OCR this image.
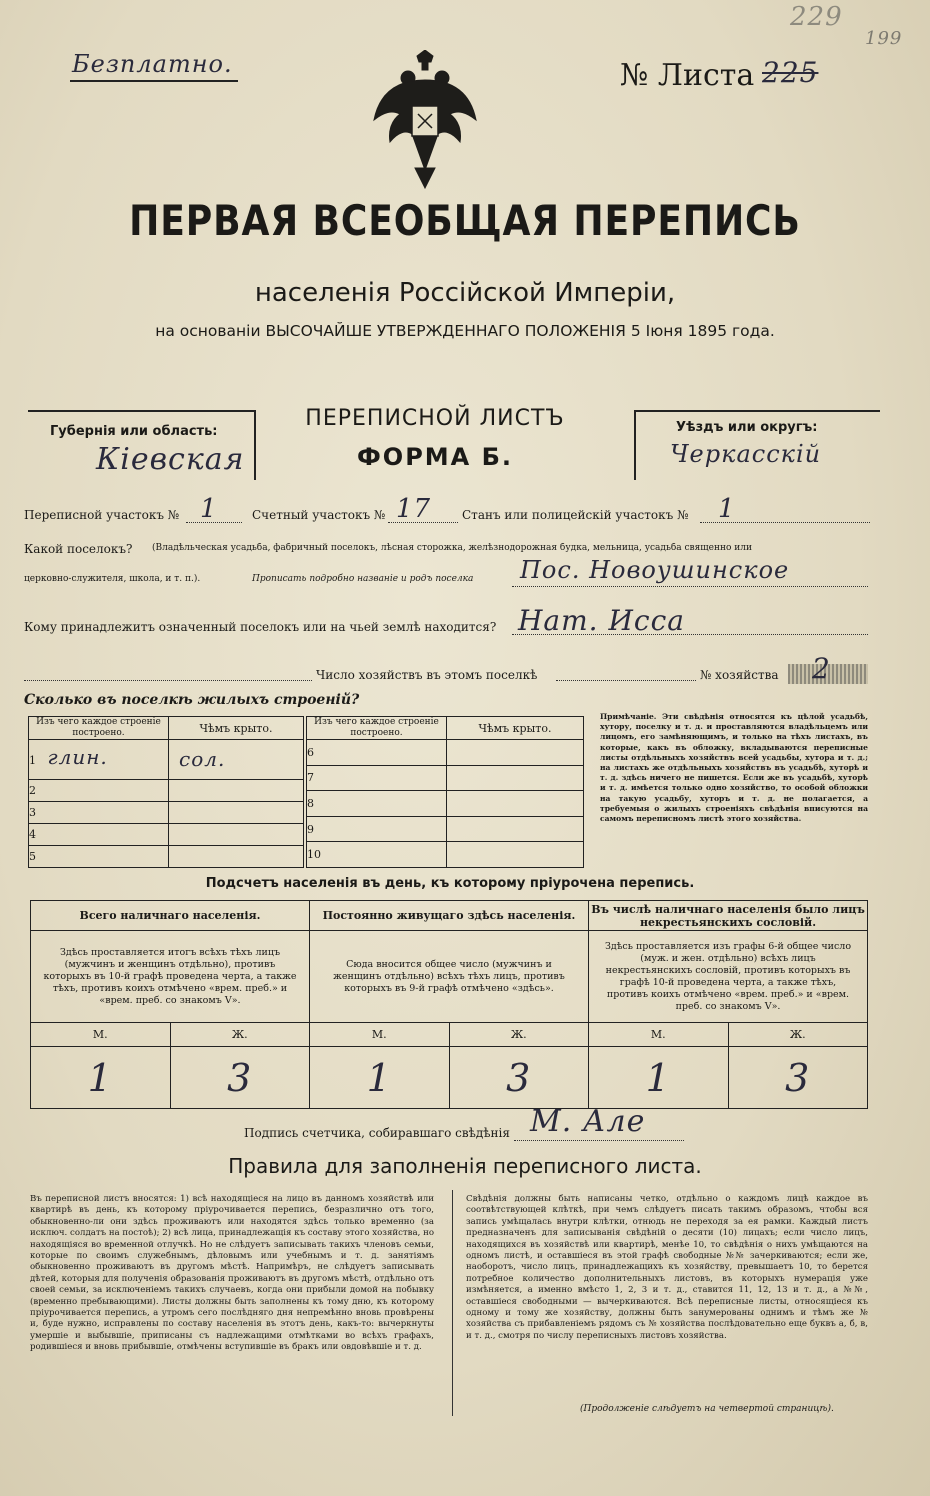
Безплатно.
229
199
№ Листа 225
ПЕРВАЯ ВСЕОБЩАЯ ПЕРЕПИСЬ
населенія Россійской Имперіи,
на основаніи ВЫСОЧАЙШЕ УТВЕРЖДЕННАГО ПОЛОЖЕНІЯ 5 Іюня 1895 года.
Губернія или область:
Кiевская
ПЕРЕПИСНОЙ ЛИСТЪ
ФОРМА Б.
Уѣздъ или округъ:
Черкасскій
Переписной участокъ № 1	Счетный участокъ № 17	Станъ или полицейскій участокъ № 1
Какой поселокъ? (Владѣльческая усадьба, фабричный поселокъ, лѣсная сторожка, желѣзнодорожная будка, мельница, усадьба священно или
церковно-служителя, школа, и т. п.).	Прописать подробно названіе и родъ поселка Пос. Новоушинское
Кому принадлежитъ означенный поселокъ или на чьей землѣ находится? Нат. Исса
Число хозяйствъ въ этомъ поселкѣ	№ хозяйства 2
Сколько въ поселкѣ жилыхъ строеній?
Изъ чего каждое строеніе построено.	Чѣмъ крыто.
1 глин.	сол.
2	
3	
4	
5	
Изъ чего каждое строеніе построено.	Чѣмъ крыто.
6	
7	
8	
9	
10	
Примѣчаніе. Эти свѣдѣнія относятся къ цѣлой усадьбѣ, хутору, поселку и т. д. и проставляются владѣльцемъ или лицомъ, его замѣняющимъ, и только на тѣхъ листахъ, въ которые, какъ въ обложку, вкладываются переписные листы отдѣльныхъ хозяйствъ всей усадьбы, хутора и т. д.; на листахъ же отдѣльныхъ хозяйствъ въ усадьбѣ, хуторѣ и т. д. здѣсь ничего не пишется. Если же въ усадьбѣ, хуторѣ и т. д. имѣется только одно хозяйство, то особой обложки на такую усадьбу, хуторъ и т. д. не полагается, а требуемыя о жилыхъ строеніяхъ свѣдѣнія вписуются на самомъ переписномъ листѣ этого хозяйства.
Подсчетъ населенія въ день, къ которому пріурочена перепись.
Всего наличнаго населенія.		Постоянно живущаго здѣсь населенія.		Въ числѣ наличнаго населенія было лицъ некрестьянскихъ сословій.	
Здѣсь проставляется итогъ всѣхъ тѣхъ лицъ (мужчинъ и женщинъ отдѣльно), противъ которыхъ въ 10-й графѣ проведена черта, а также тѣхъ, противъ коихъ отмѣчено «врем. преб.» и «врем. преб. со знакомъ V».		Сюда вносится общее число (мужчинъ и женщинъ отдѣльно) всѣхъ тѣхъ лицъ, противъ которыхъ въ 9-й графѣ отмѣчено «здѣсь».		Здѣсь проставляется изъ графы 6-й общее число (муж. и жен. отдѣльно) всѣхъ лицъ некрестьянскихъ сословій, противъ которыхъ въ графѣ 10-й проведена черта, а также тѣхъ, противъ коихъ отмѣчено «врем. преб.» и «врем. преб. со знакомъ V».	
М.	Ж.	М.	Ж.	М.	Ж.
1	3	1	3	1	3
Подпись счетчика, собиравшаго свѣдѣнія М. Але
Правила для заполненія переписного листа.
Въ переписной листъ вносятся: 1) всѣ находящіеся на лицо въ данномъ хозяйствѣ или квартирѣ въ день, къ которому пріурочивается перепись, безразлично отъ того, обыкновенно-ли они здѣсь проживаютъ или находятся здѣсь только временно (за исключ. солдатъ на постоѣ); 2) всѣ лица, принадлежащія къ составу этого хозяйства, но находящіяся во временной отлучкѣ. Но не слѣдуетъ записывать такихъ членовъ семьи, которые по своимъ служебнымъ, дѣловымъ или учебнымъ и т. д. занятіямъ обыкновенно проживаютъ въ другомъ мѣстѣ. Напримѣръ, не слѣдуетъ записывать дѣтей, которыя для полученія образованія проживаютъ въ другомъ мѣстѣ, отдѣльно отъ своей семьи, за исключеніемъ такихъ случаевъ, когда они прибыли домой на побывку (временно пребывающими). Листы должны быть заполнены къ тому дню, къ которому пріурочивается перепись, а утромъ сего послѣдняго дня непремѣнно вновь провѣрены и, буде нужно, исправлены по составу населенія въ этотъ день, какъ-то: вычеркнуты умершіе и выбывшіе, приписаны съ надлежащими отмѣтками во всѣхъ графахъ, родившіеся и вновь прибывшіе, отмѣчены вступившіе въ бракъ или овдовѣвшіе и т. д.
Свѣдѣнія должны быть написаны четко, отдѣльно о каждомъ лицѣ каждое въ соотвѣтствующей клѣткѣ, при чемъ слѣдуетъ писать такимъ образомъ, чтобы вся запись умѣщалась внутри клѣтки, отнюдь не переходя за ея рамки. Каждый листъ предназначенъ для записыванія свѣдѣній о десяти (10) лицахъ; если число лицъ, находящихся въ хозяйствѣ или квартирѣ, менѣе 10, то свѣдѣнія о нихъ умѣщаются на одномъ листѣ, и оставшіеся въ этой графѣ свободные №№ зачеркиваются; если же, наоборотъ, число лицъ, принадлежащихъ къ хозяйству, превышаетъ 10, то берется потребное количество дополнительныхъ листовъ, въ которыхъ нумерація уже измѣняется, а именно вмѣсто 1, 2, 3 и т. д., ставится 11, 12, 13 и т. д., а №№, оставшіеся свободными — вычеркиваются. Всѣ переписные листы, относящіеся къ одному и тому же хозяйству, должны быть занумерованы однимъ и тѣмъ же № хозяйства съ прибавленіемъ рядомъ съ № хозяйства послѣдовательно еще буквъ а, б, в, и т. д., смотря по числу переписныхъ листовъ хозяйства.
(Продолженіе слѣдуетъ на четвертой страницѣ).
